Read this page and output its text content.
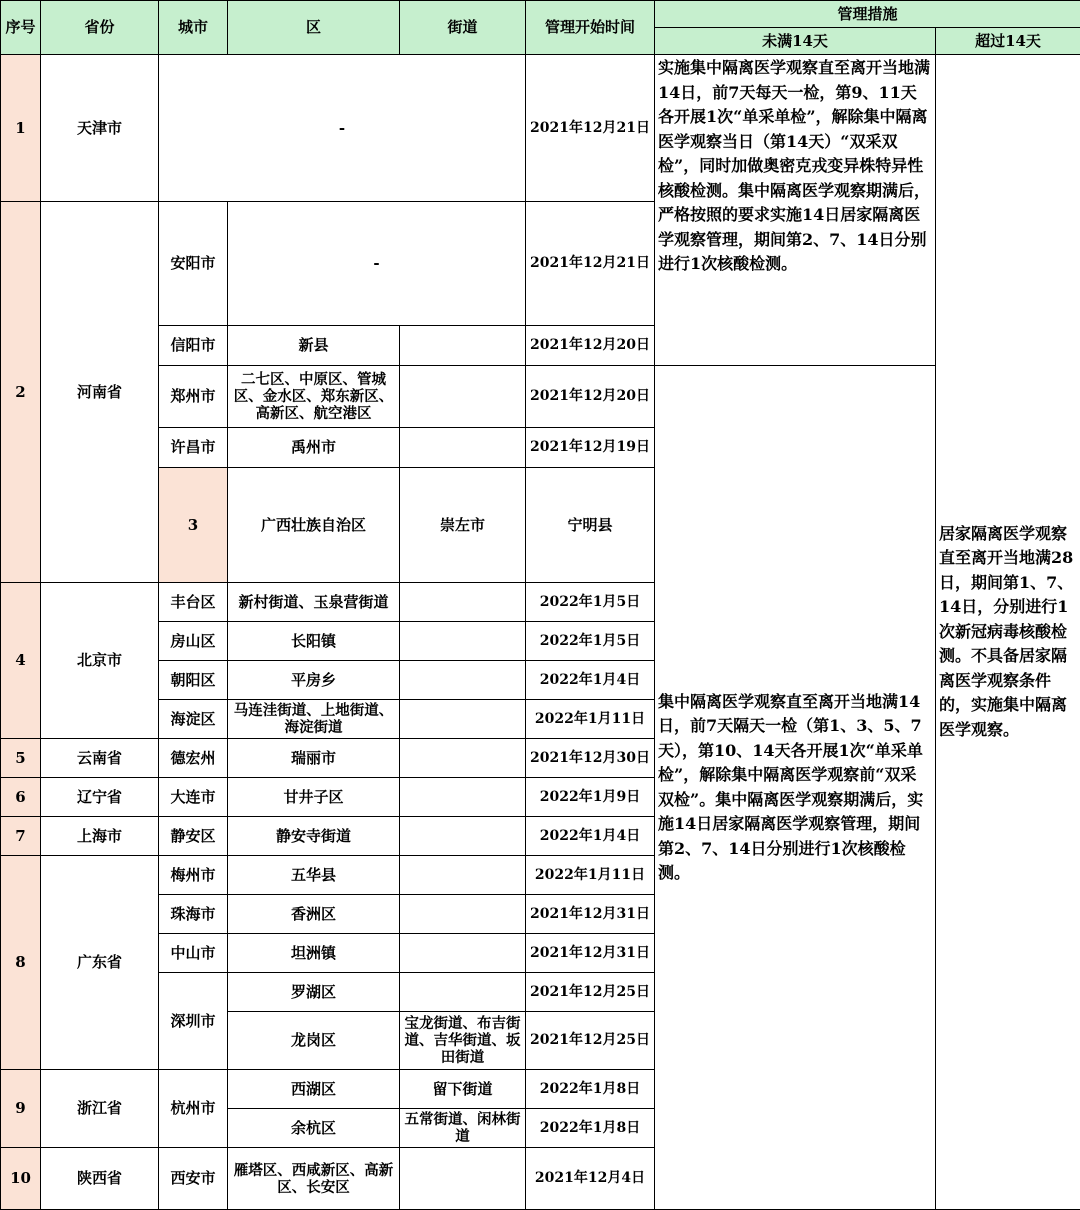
序号	省份	城市	区	街道	管理开始时间	管理措施		
						未满14天	超过14天	
1	天津市	-			2021年12月21日	实施集中隔离医学观察直至离开当地满14日，前7天每天一检，第9、11天各开展1次“单采单检”，解除集中隔离医学观察当日（第14天）“双采双检”，同时加做奥密克戎变异株特异性核酸检测。集中隔离医学观察期满后，严格按照的要求实施14日居家隔离医学观察管理，期间第2、7、14日分别进行1次核酸检测。	居家隔离医学观察直至离开当地满28日，期间第1、7、14日，分别进行1次新冠病毒核酸检测。不具备居家隔离医学观察条件的，实施集中隔离医学观察。	
2	河南省	安阳市	-		2021年12月21日			
		信阳市	新县		2021年12月20日			
		郑州市	二七区、中原区、管城区、金水区、郑东新区、高新区、航空港区		2021年12月20日	集中隔离医学观察直至离开当地满14日，前7天隔天一检（第1、3、5、7天），第10、14天各开展1次“单采单检”，解除集中隔离医学观察前“双采双检”。集中隔离医学观察期满后，实施14日居家隔离医学观察管理，期间第2、7、14日分别进行1次核酸检测。		
		许昌市	禹州市		2021年12月19日			
		3	广西壮族自治区	崇左市	宁明县		
4	北京市	丰台区	新村街道、玉泉营街道		2022年1月5日			
		房山区	长阳镇		2022年1月5日			
		朝阳区	平房乡		2022年1月4日			
		海淀区	马连洼街道、上地街道、海淀街道		2022年1月11日			
5	云南省	德宏州	瑞丽市		2021年12月30日			
6	辽宁省	大连市	甘井子区		2022年1月9日			
7	上海市	静安区	静安寺街道		2022年1月4日			
8	广东省	梅州市	五华县		2022年1月11日			
		珠海市	香洲区		2021年12月31日			
		中山市	坦洲镇		2021年12月31日			
		深圳市	罗湖区		2021年12月25日			
			龙岗区	宝龙街道、布吉街道、吉华街道、坂田街道	2021年12月25日			
9	浙江省	杭州市	西湖区	留下街道	2022年1月8日			
			余杭区	五常街道、闲林街道	2022年1月8日			
10	陕西省	西安市	雁塔区、西咸新区、高新区、长安区		2021年12月4日			
